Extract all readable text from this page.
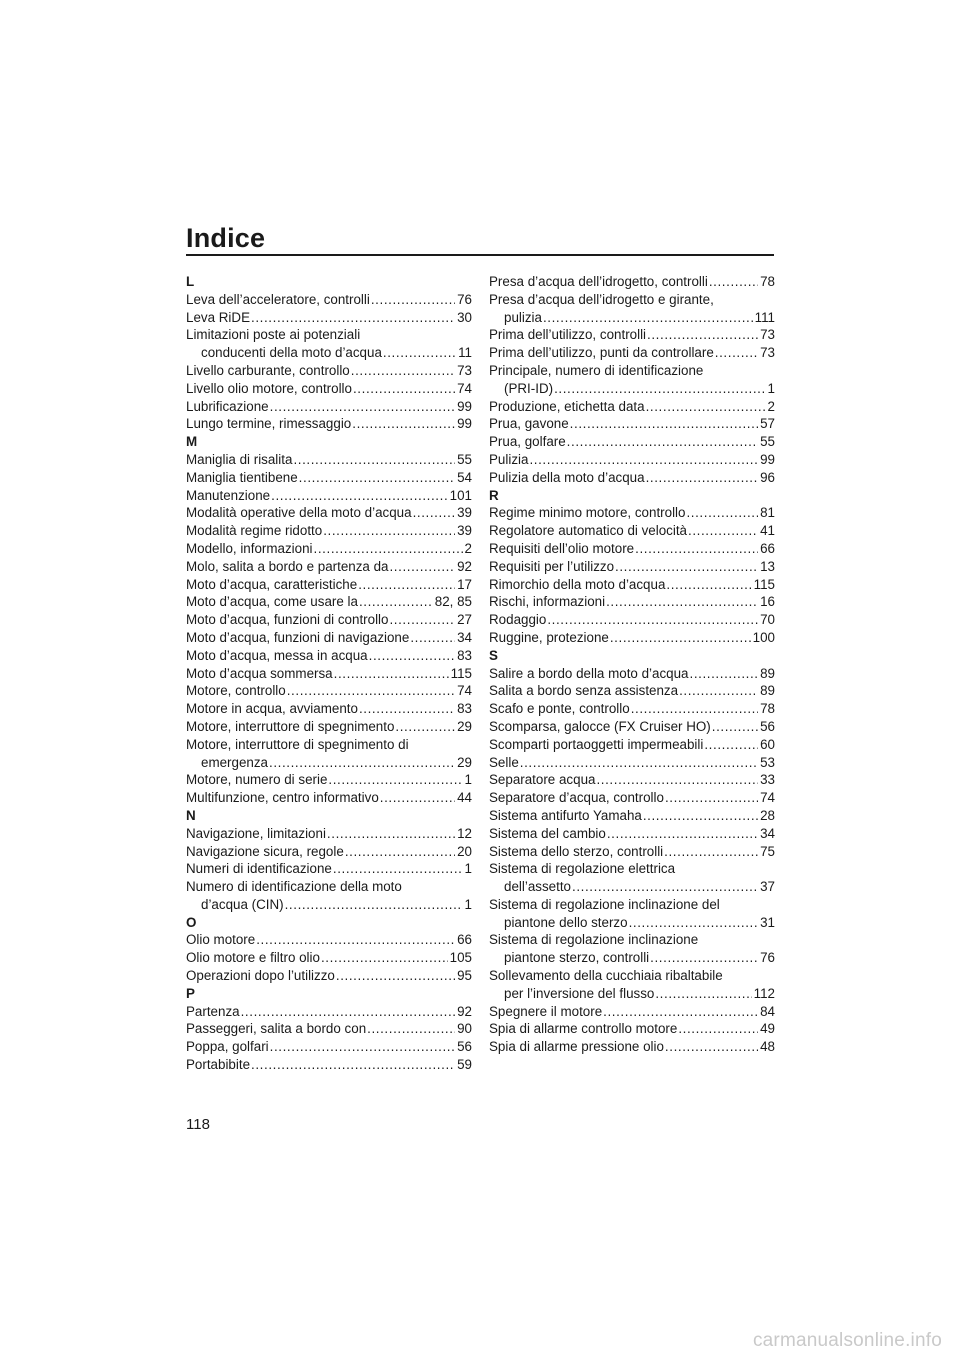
Indice
L
Leva dell’acceleratore, controlli .....	76
Leva RiDE .....	30
Limitazioni poste ai potenziali
conducenti della moto d’acqua .....	11
Livello carburante, controllo .....	73
Livello olio motore, controllo .....	74
Lubrificazione .....	99
Lungo termine, rimessaggio .....	99
M
Maniglia di risalita .....	55
Maniglia tientibene .....	54
Manutenzione .....	101
Modalità operative della moto d’acqua .....	39
Modalità regime ridotto .....	39
Modello, informazioni .....	2
Molo, salita a bordo e partenza da .....	92
Moto d’acqua, caratteristiche .....	17
Moto d’acqua, come usare la .....	82, 85
Moto d’acqua, funzioni di controllo .....	27
Moto d’acqua, funzioni di navigazione .....	34
Moto d’acqua, messa in acqua .....	83
Moto d’acqua sommersa .....	115
Motore, controllo .....	74
Motore in acqua, avviamento .....	83
Motore, interruttore di spegnimento .....	29
Motore, interruttore di spegnimento di
emergenza .....	29
Motore, numero di serie .....	1
Multifunzione, centro informativo .....	44
N
Navigazione, limitazioni .....	12
Navigazione sicura, regole .....	20
Numeri di identificazione .....	1
Numero di identificazione della moto
d’acqua (CIN) .....	1
O
Olio motore .....	66
Olio motore e filtro olio .....	105
Operazioni dopo l’utilizzo .....	95
P
Partenza .....	92
Passeggeri, salita a bordo con .....	90
Poppa, golfari .....	56
Portabibite .....	59
Presa d’acqua dell’idrogetto, controlli .....	78
Presa d’acqua dell’idrogetto e girante,
pulizia .....	111
Prima dell’utilizzo, controlli .....	73
Prima dell’utilizzo, punti da controllare .....	73
Principale, numero di identificazione
(PRI-ID) .....	1
Produzione, etichetta data .....	2
Prua, gavone .....	57
Prua, golfare .....	55
Pulizia .....	99
Pulizia della moto d’acqua .....	96
R
Regime minimo motore, controllo .....	81
Regolatore automatico di velocità .....	41
Requisiti dell’olio motore .....	66
Requisiti per l’utilizzo .....	13
Rimorchio della moto d’acqua .....	115
Rischi, informazioni .....	16
Rodaggio .....	70
Ruggine, protezione .....	100
S
Salire a bordo della moto d’acqua .....	89
Salita a bordo senza assistenza .....	89
Scafo e ponte, controllo .....	78
Scomparsa, galocce (FX Cruiser HO) .....	56
Scomparti portaoggetti impermeabili .....	60
Selle .....	53
Separatore acqua .....	33
Separatore d’acqua, controllo .....	74
Sistema antifurto Yamaha .....	28
Sistema del cambio .....	34
Sistema dello sterzo, controlli .....	75
Sistema di regolazione elettrica
dell’assetto .....	37
Sistema di regolazione inclinazione del
piantone dello sterzo .....	31
Sistema di regolazione inclinazione
piantone sterzo, controlli .....	76
Sollevamento della cucchiaia ribaltabile
per l’inversione del flusso .....	112
Spegnere il motore .....	84
Spia di allarme controllo motore .....	49
Spia di allarme pressione olio .....	48
118
carmanualsonline.info
